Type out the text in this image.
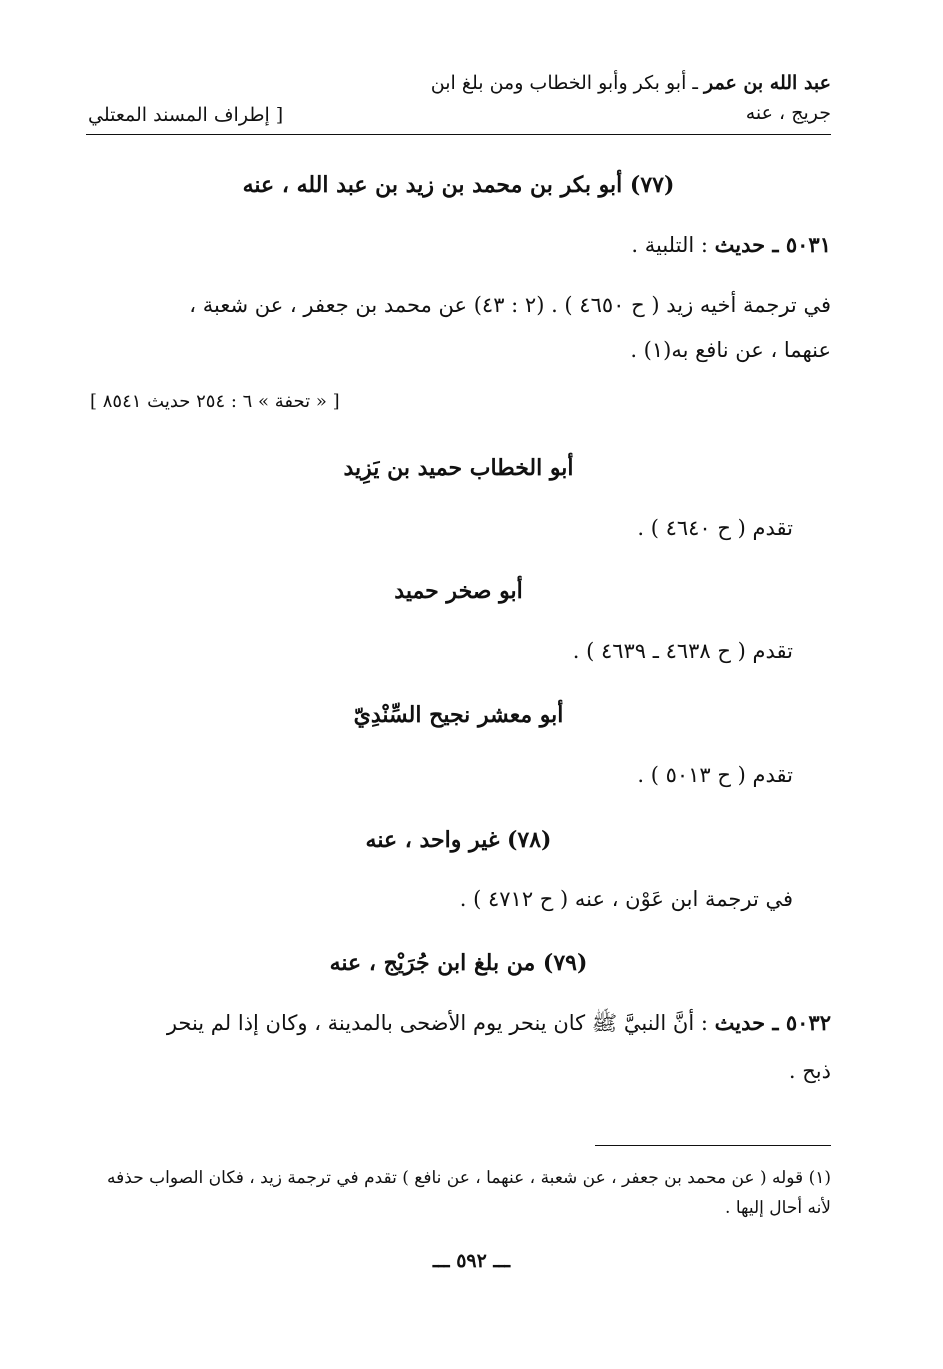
عبد الله بن عمر ـ أبو بكر وأبو الخطاب ومن بلغ ابن
جريج ، عنه
[ إطراف المسند المعتلي
(٧٧) أبو بكر بن محمد بن زيد بن عبد الله ، عنه
٥٠٣١ ـ حديث : التلبية .
في ترجمة أخيه زيد ( ح ٤٦٥٠ ) . (٢ : ٤٣) عن محمد بن جعفر ، عن شعبة ،
عنهما ، عن نافع به(١) .
[ « تحفة » ٦ : ٢٥٤ حديث ٨٥٤١ ]
أبو الخطاب حميد بن يَزِيد
تقدم ( ح ٤٦٤٠ ) .
أبو صخر حميد
تقدم ( ح ٤٦٣٨ ـ ٤٦٣٩ ) .
أبو معشر نجيح السِّنْدِيّ
تقدم ( ح ٥٠١٣ ) .
(٧٨) غير واحد ، عنه
في ترجمة ابن عَوْن ، عنه ( ح ٤٧١٢ ) .
(٧٩) من بلغ ابن جُرَيْج ، عنه
٥٠٣٢ ـ حديث : أنَّ النبيَّ ﷺ كان ينحر يوم الأضحى بالمدينة ، وكان إذا لم ينحر
ذبح .
(١) قوله ( عن محمد بن جعفر ، عن شعبة ، عنهما ، عن نافع ) تقدم في ترجمة زيد ، فكان الصواب حذفه
لأنه أحال إليها .
ـــ ٥٩٢ ـــ
